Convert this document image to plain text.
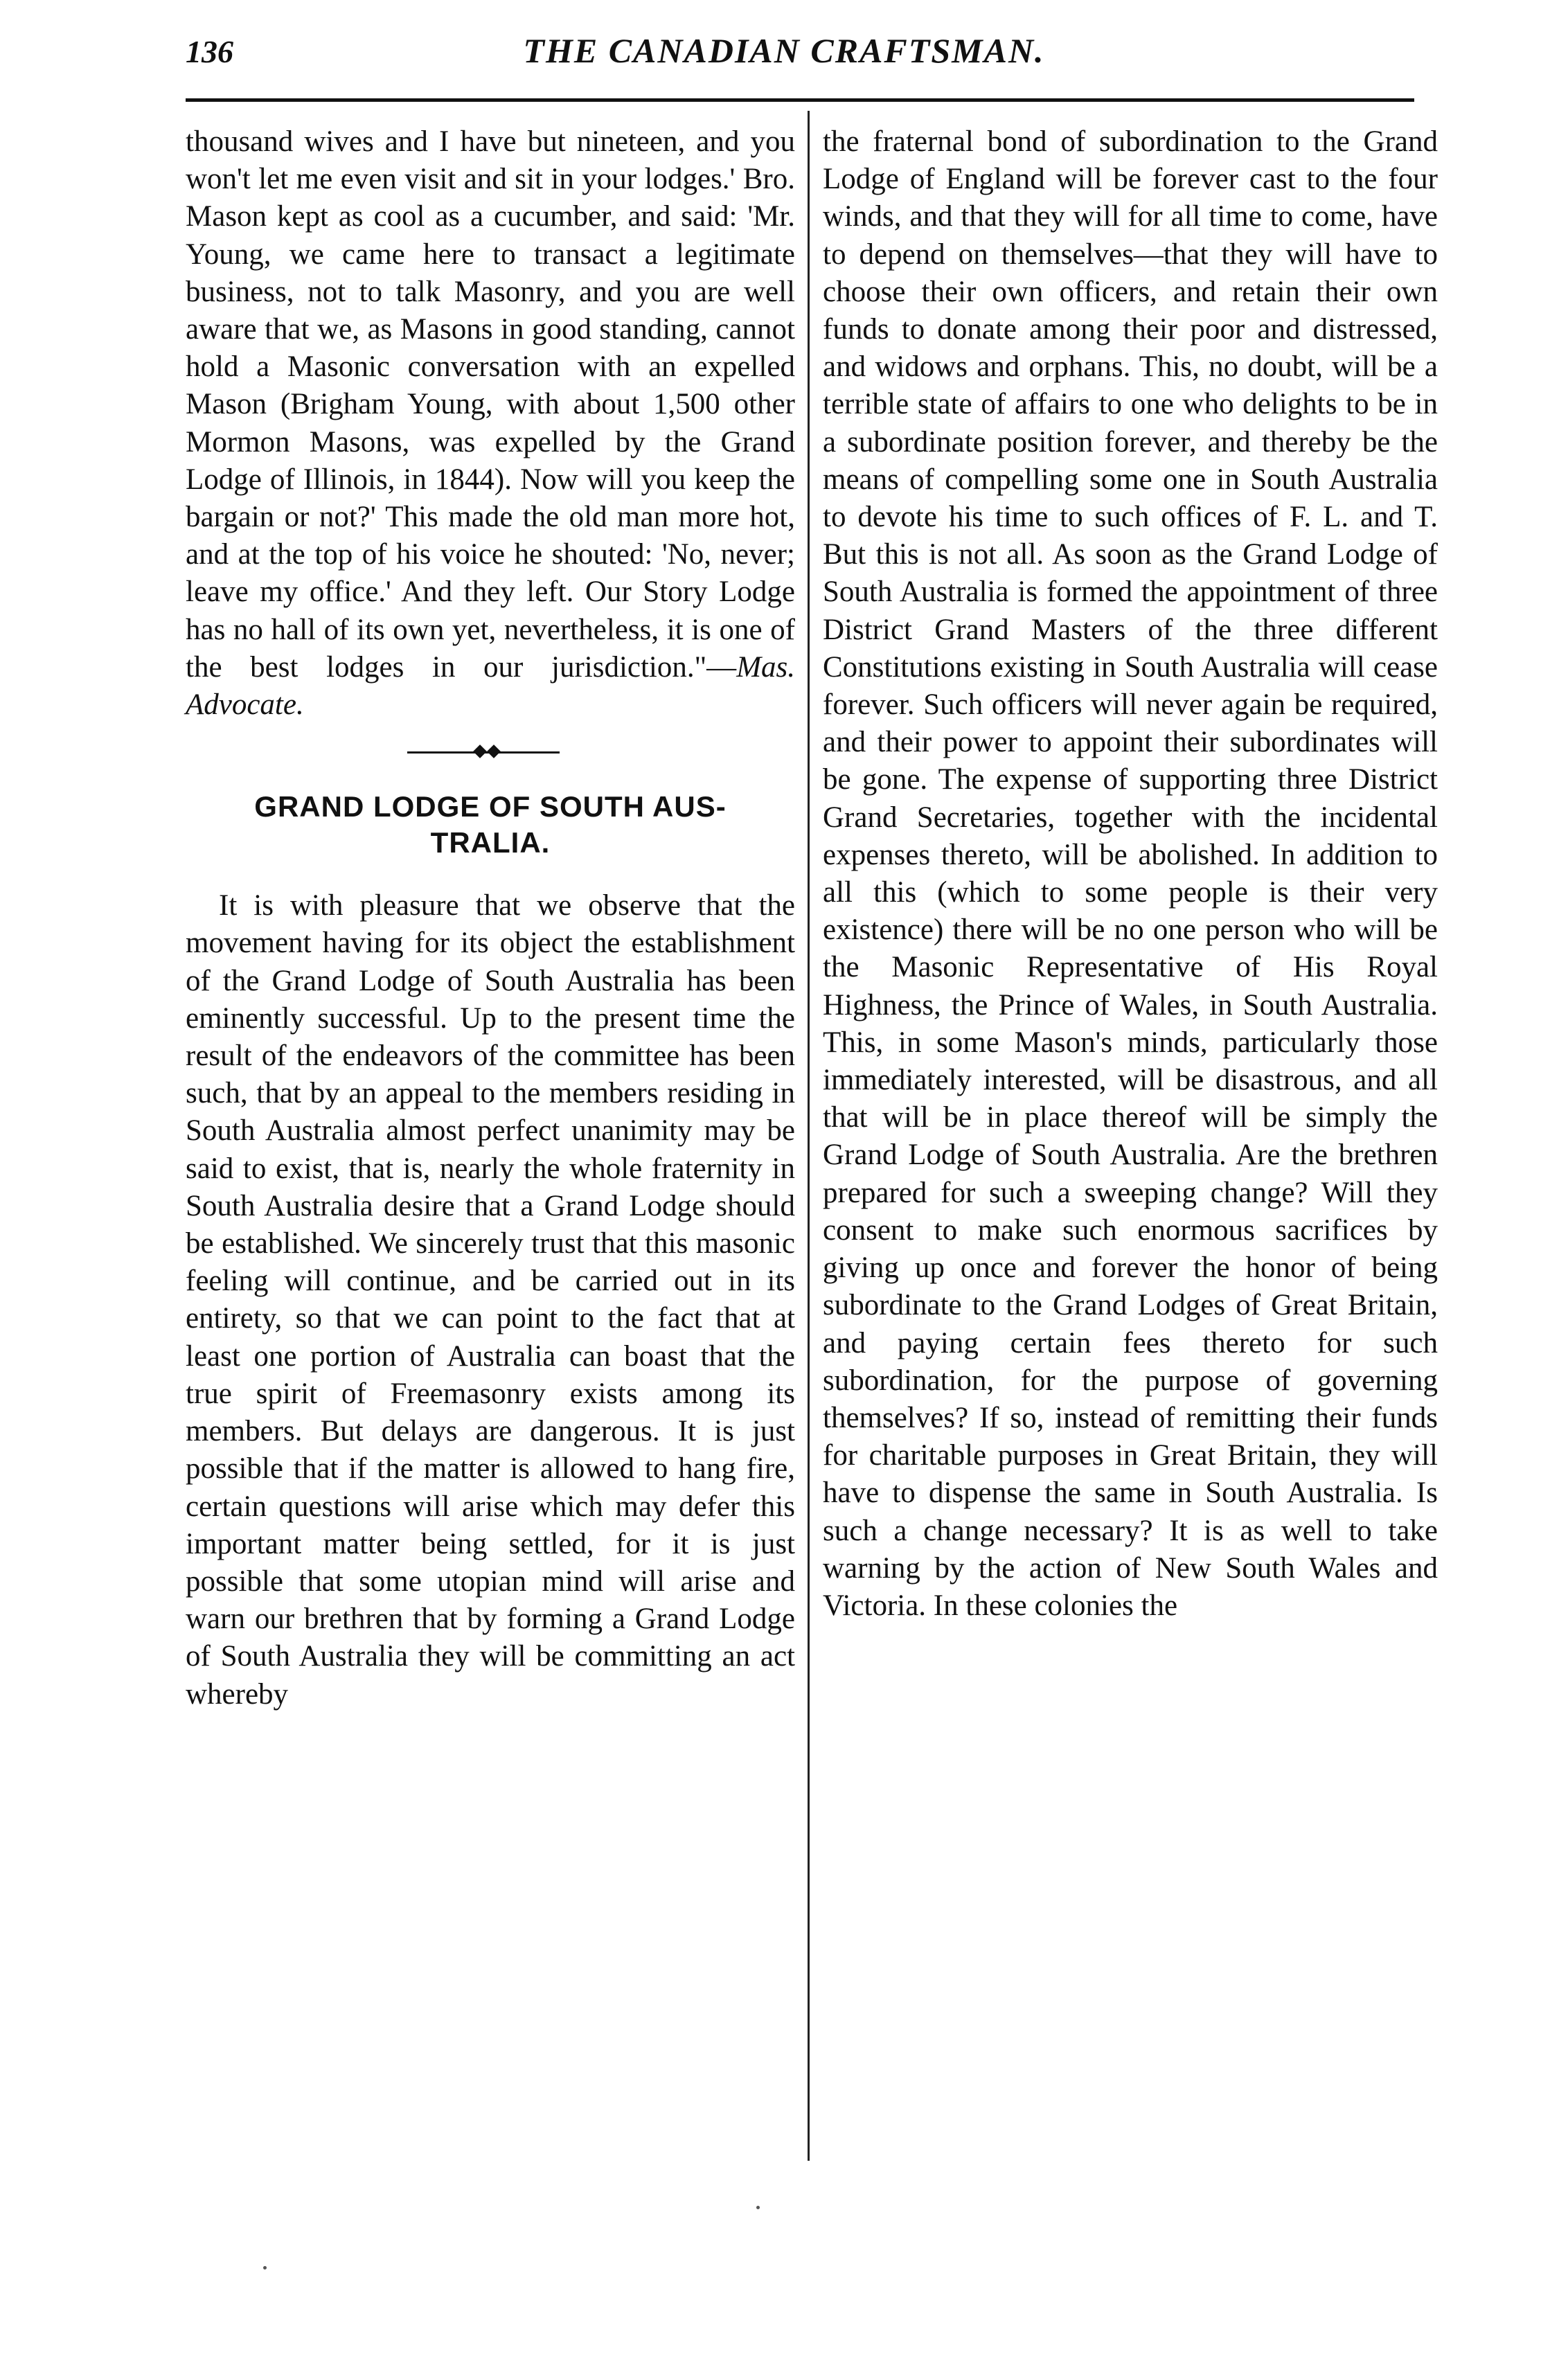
136	THE CANADIAN CRAFTSMAN.

thousand wives and I have but nineteen, and you won't let me even visit and sit in your lodges.' Bro. Mason kept as cool as a cucumber, and said: 'Mr. Young, we came here to transact a legitimate business, not to talk Masonry, and you are well aware that we, as Masons in good standing, cannot hold a Masonic conversation with an expelled Mason (Brigham Young, with about 1,500 other Mormon Masons, was expelled by the Grand Lodge of Illinois, in 1844). Now will you keep the bargain or not?' This made the old man more hot, and at the top of his voice he shouted: 'No, never; leave my office.' And they left. Our Story Lodge has no hall of its own yet, nevertheless, it is one of the best lodges in our jurisdiction."—Mas. Advocate.

GRAND LODGE OF SOUTH AUS-
TRALIA.

It is with pleasure that we observe that the movement having for its object the establishment of the Grand Lodge of South Australia has been eminently successful. Up to the present time the result of the endeavors of the committee has been such, that by an appeal to the members residing in South Australia almost perfect unanimity may be said to exist, that is, nearly the whole fraternity in South Australia desire that a Grand Lodge should be established. We sincerely trust that this masonic feeling will continue, and be carried out in its entirety, so that we can point to the fact that at least one portion of Australia can boast that the true spirit of Freemasonry exists among its members. But delays are dangerous. It is just possible that if the matter is allowed to hang fire, certain questions will arise which may defer this important matter being settled, for it is just possible that some utopian mind will arise and warn our brethren that by forming a Grand Lodge of South Australia they will be committing an act whereby

the fraternal bond of subordination to the Grand Lodge of England will be forever cast to the four winds, and that they will for all time to come, have to depend on themselves—that they will have to choose their own officers, and retain their own funds to donate among their poor and distressed, and widows and orphans. This, no doubt, will be a terrible state of affairs to one who delights to be in a subordinate position forever, and thereby be the means of compelling some one in South Australia to devote his time to such offices of F. L. and T. But this is not all. As soon as the Grand Lodge of South Australia is formed the appointment of three District Grand Masters of the three different Constitutions existing in South Australia will cease forever. Such officers will never again be required, and their power to appoint their subordinates will be gone. The expense of supporting three District Grand Secretaries, together with the incidental expenses thereto, will be abolished. In addition to all this (which to some people is their very existence) there will be no one person who will be the Masonic Representative of His Royal Highness, the Prince of Wales, in South Australia. This, in some Mason's minds, particularly those immediately interested, will be disastrous, and all that will be in place thereof will be simply the Grand Lodge of South Australia. Are the brethren prepared for such a sweeping change? Will they consent to make such enormous sacrifices by giving up once and forever the honor of being subordinate to the Grand Lodges of Great Britain, and paying certain fees thereto for such subordination, for the purpose of governing themselves? If so, instead of remitting their funds for charitable purposes in Great Britain, they will have to dispense the same in South Australia. Is such a change necessary? It is as well to take warning by the action of New South Wales and Victoria. In these colonies the
